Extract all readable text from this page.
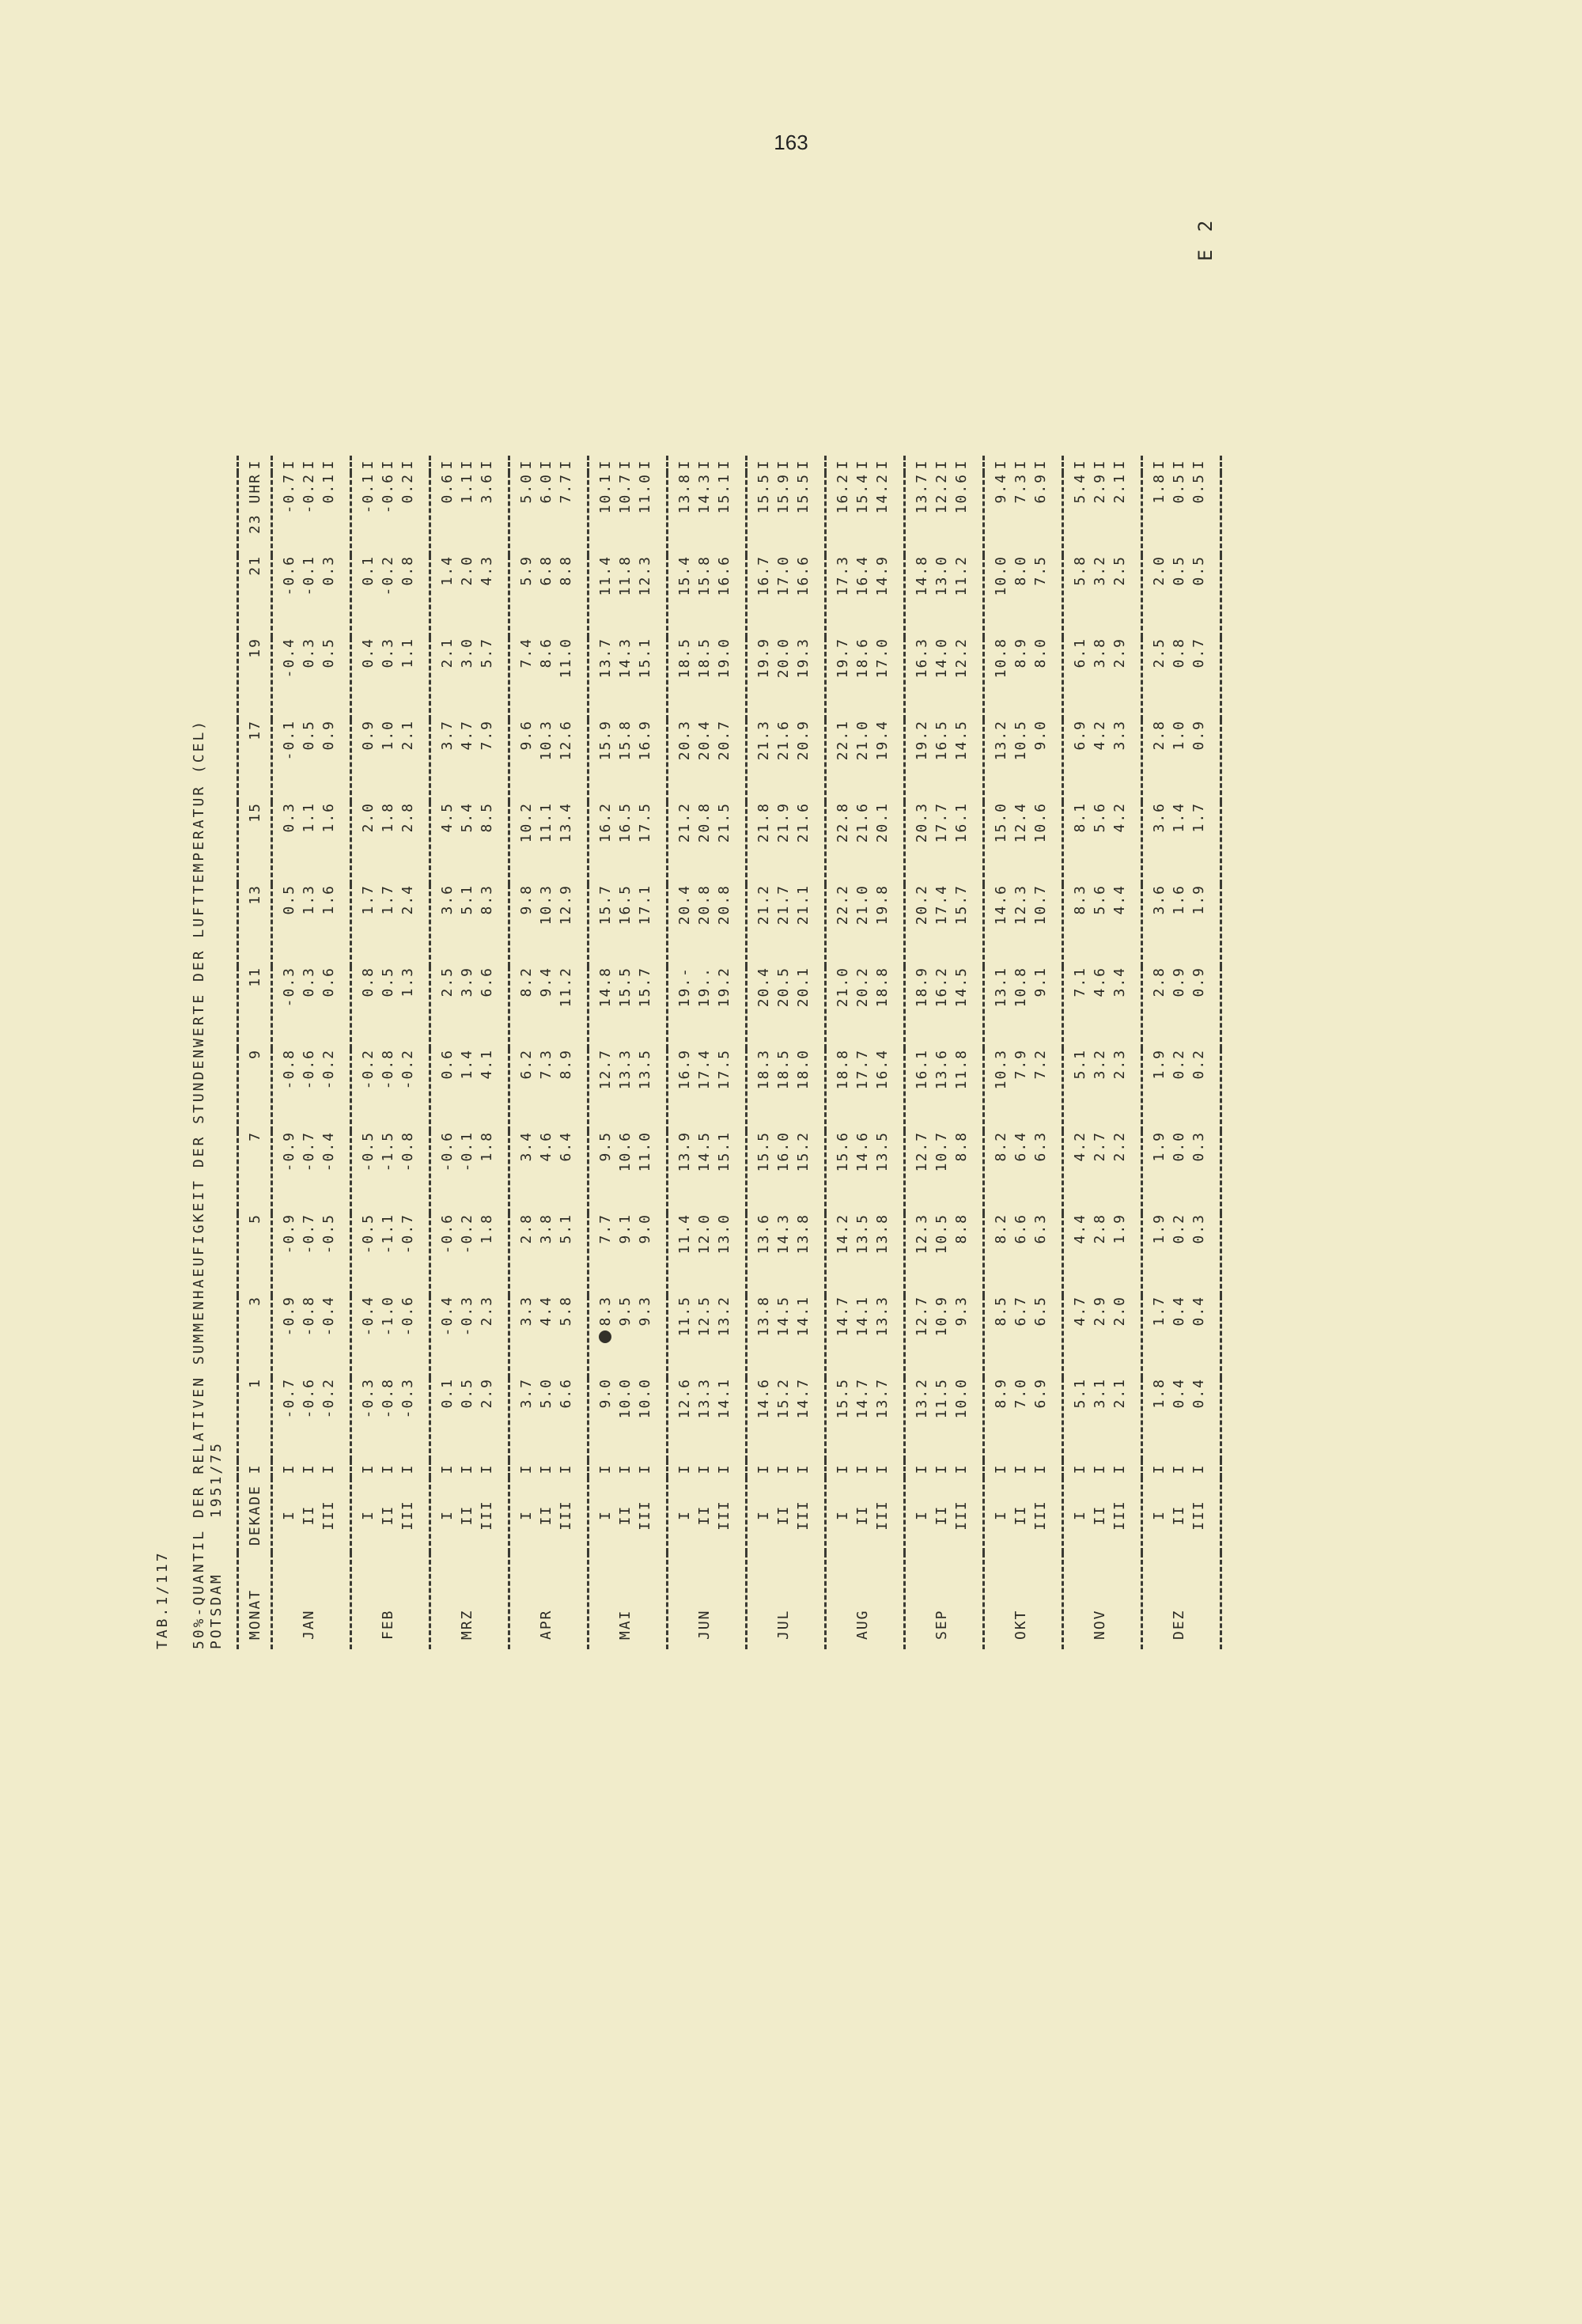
163
E 2
TAB.1/117 50%-QUANTIL DER RELATIVEN SUMMENHAEUFIGKEIT DER STUNDENWERTE DER LUFTTEMPERATUR (CEL) POTSDAM     1951/75 MONAT	DEKADE	I	1	3	5	7	9	11	13	15	17	19	21	23 UHR	I

	I	I	-0.7	-0.9	-0.9	-0.9	-0.8	-0.3	0.5	0.3	-0.1	-0.4	-0.6	-0.7	I
JAN	II	I	-0.6	-0.8	-0.7	-0.7	-0.6	0.3	1.3	1.1	0.5	0.3	-0.1	-0.2	I
	III	I	-0.2	-0.4	-0.5	-0.4	-0.2	0.6	1.6	1.6	0.9	0.5	0.3	0.1	I

	I	I	-0.3	-0.4	-0.5	-0.5	-0.2	0.8	1.7	2.0	0.9	0.4	0.1	-0.1	I
FEB	II	I	-0.8	-1.0	-1.1	-1.5	-0.8	0.5	1.7	1.8	1.0	0.3	-0.2	-0.6	I
	III	I	-0.3	-0.6	-0.7	-0.8	-0.2	1.3	2.4	2.8	2.1	1.1	0.8	0.2	I

	I	I	0.1	-0.4	-0.6	-0.6	0.6	2.5	3.6	4.5	3.7	2.1	1.4	0.6	I
MRZ	II	I	0.5	-0.3	-0.2	-0.1	1.4	3.9	5.1	5.4	4.7	3.0	2.0	1.1	I
	III	I	2.9	2.3	1.8	1.8	4.1	6.6	8.3	8.5	7.9	5.7	4.3	3.6	I

	I	I	3.7	3.3	2.8	3.4	6.2	8.2	9.8	10.2	9.6	7.4	5.9	5.0	I
APR	II	I	5.0	4.4	3.8	4.6	7.3	9.4	10.3	11.1	10.3	8.6	6.8	6.0	I
	III	I	6.6	5.8	5.1	6.4	8.9	11.2	12.9	13.4	12.6	11.0	8.8	7.7	I

	I	I	9.0	8.3	7.7	9.5	12.7	14.8	15.7	16.2	15.9	13.7	11.4	10.1	I
MAI	II	I	10.0	9.5	9.1	10.6	13.3	15.5	16.5	16.5	15.8	14.3	11.8	10.7	I
	III	I	10.0	9.3	9.0	11.0	13.5	15.7	17.1	17.5	16.9	15.1	12.3	11.0	I

	I	I	12.6	11.5	11.4	13.9	16.9	19.-	20.4	21.2	20.3	18.5	15.4	13.8	I
JUN	II	I	13.3	12.5	12.0	14.5	17.4	19..	20.8	20.8	20.4	18.5	15.8	14.3	I
	III	I	14.1	13.2	13.0	15.1	17.5	19.2	20.8	21.5	20.7	19.0	16.6	15.1	I

	I	I	14.6	13.8	13.6	15.5	18.3	20.4	21.2	21.8	21.3	19.9	16.7	15.5	I
JUL	II	I	15.2	14.5	14.3	16.0	18.5	20.5	21.7	21.9	21.6	20.0	17.0	15.9	I
	III	I	14.7	14.1	13.8	15.2	18.0	20.1	21.1	21.6	20.9	19.3	16.6	15.5	I

	I	I	15.5	14.7	14.2	15.6	18.8	21.0	22.2	22.8	22.1	19.7	17.3	16.2	I
AUG	II	I	14.7	14.1	13.5	14.6	17.7	20.2	21.0	21.6	21.0	18.6	16.4	15.4	I
	III	I	13.7	13.3	13.8	13.5	16.4	18.8	19.8	20.1	19.4	17.0	14.9	14.2	I

	I	I	13.2	12.7	12.3	12.7	16.1	18.9	20.2	20.3	19.2	16.3	14.8	13.7	I
SEP	II	I	11.5	10.9	10.5	10.7	13.6	16.2	17.4	17.7	16.5	14.0	13.0	12.2	I
	III	I	10.0	9.3	8.8	8.8	11.8	14.5	15.7	16.1	14.5	12.2	11.2	10.6	I

	I	I	8.9	8.5	8.2	8.2	10.3	13.1	14.6	15.0	13.2	10.8	10.0	9.4	I
OKT	II	I	7.0	6.7	6.6	6.4	7.9	10.8	12.3	12.4	10.5	8.9	8.0	7.3	I
	III	I	6.9	6.5	6.3	6.3	7.2	9.1	10.7	10.6	9.0	8.0	7.5	6.9	I

	I	I	5.1	4.7	4.4	4.2	5.1	7.1	8.3	8.1	6.9	6.1	5.8	5.4	I
NOV	II	I	3.1	2.9	2.8	2.7	3.2	4.6	5.6	5.6	4.2	3.8	3.2	2.9	I
	III	I	2.1	2.0	1.9	2.2	2.3	3.4	4.4	4.2	3.3	2.9	2.5	2.1	I

	I	I	1.8	1.7	1.9	1.9	1.9	2.8	3.6	3.6	2.8	2.5	2.0	1.8	I
DEZ	II	I	0.4	0.4	0.2	0.0	0.2	0.9	1.6	1.4	1.0	0.8	0.5	0.5	I
	III	I	0.4	0.4	0.3	0.3	0.2	0.9	1.9	1.7	0.9	0.7	0.5	0.5	I
